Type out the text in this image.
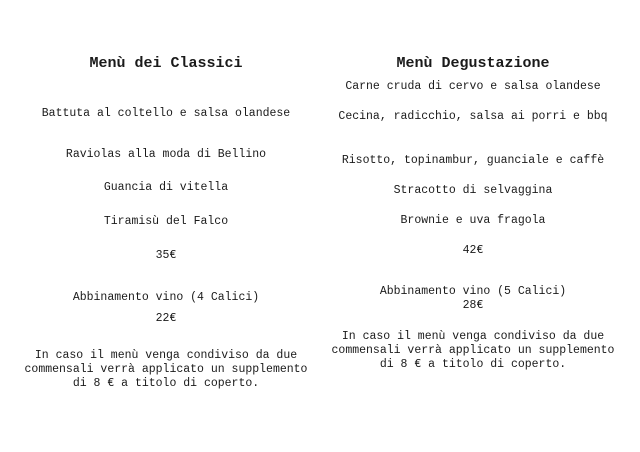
Menù dei Classici
Battuta al coltello e salsa olandese
Raviolas alla moda di Bellino
Guancia di vitella
Tiramisù del Falco
35€
Abbinamento vino (4 Calici)
22€
In caso il menù venga condiviso da due commensali verrà applicato un supplemento di 8 € a titolo di coperto.
Menù Degustazione
Carne cruda di cervo e salsa olandese
Cecina, radicchio, salsa ai porri e bbq
Risotto, topinambur, guanciale e caffè
Stracotto di selvaggina
Brownie e uva fragola
42€
Abbinamento vino (5 Calici)
28€
In caso il menù venga condiviso da due commensali verrà applicato un supplemento di 8 € a titolo di coperto.
